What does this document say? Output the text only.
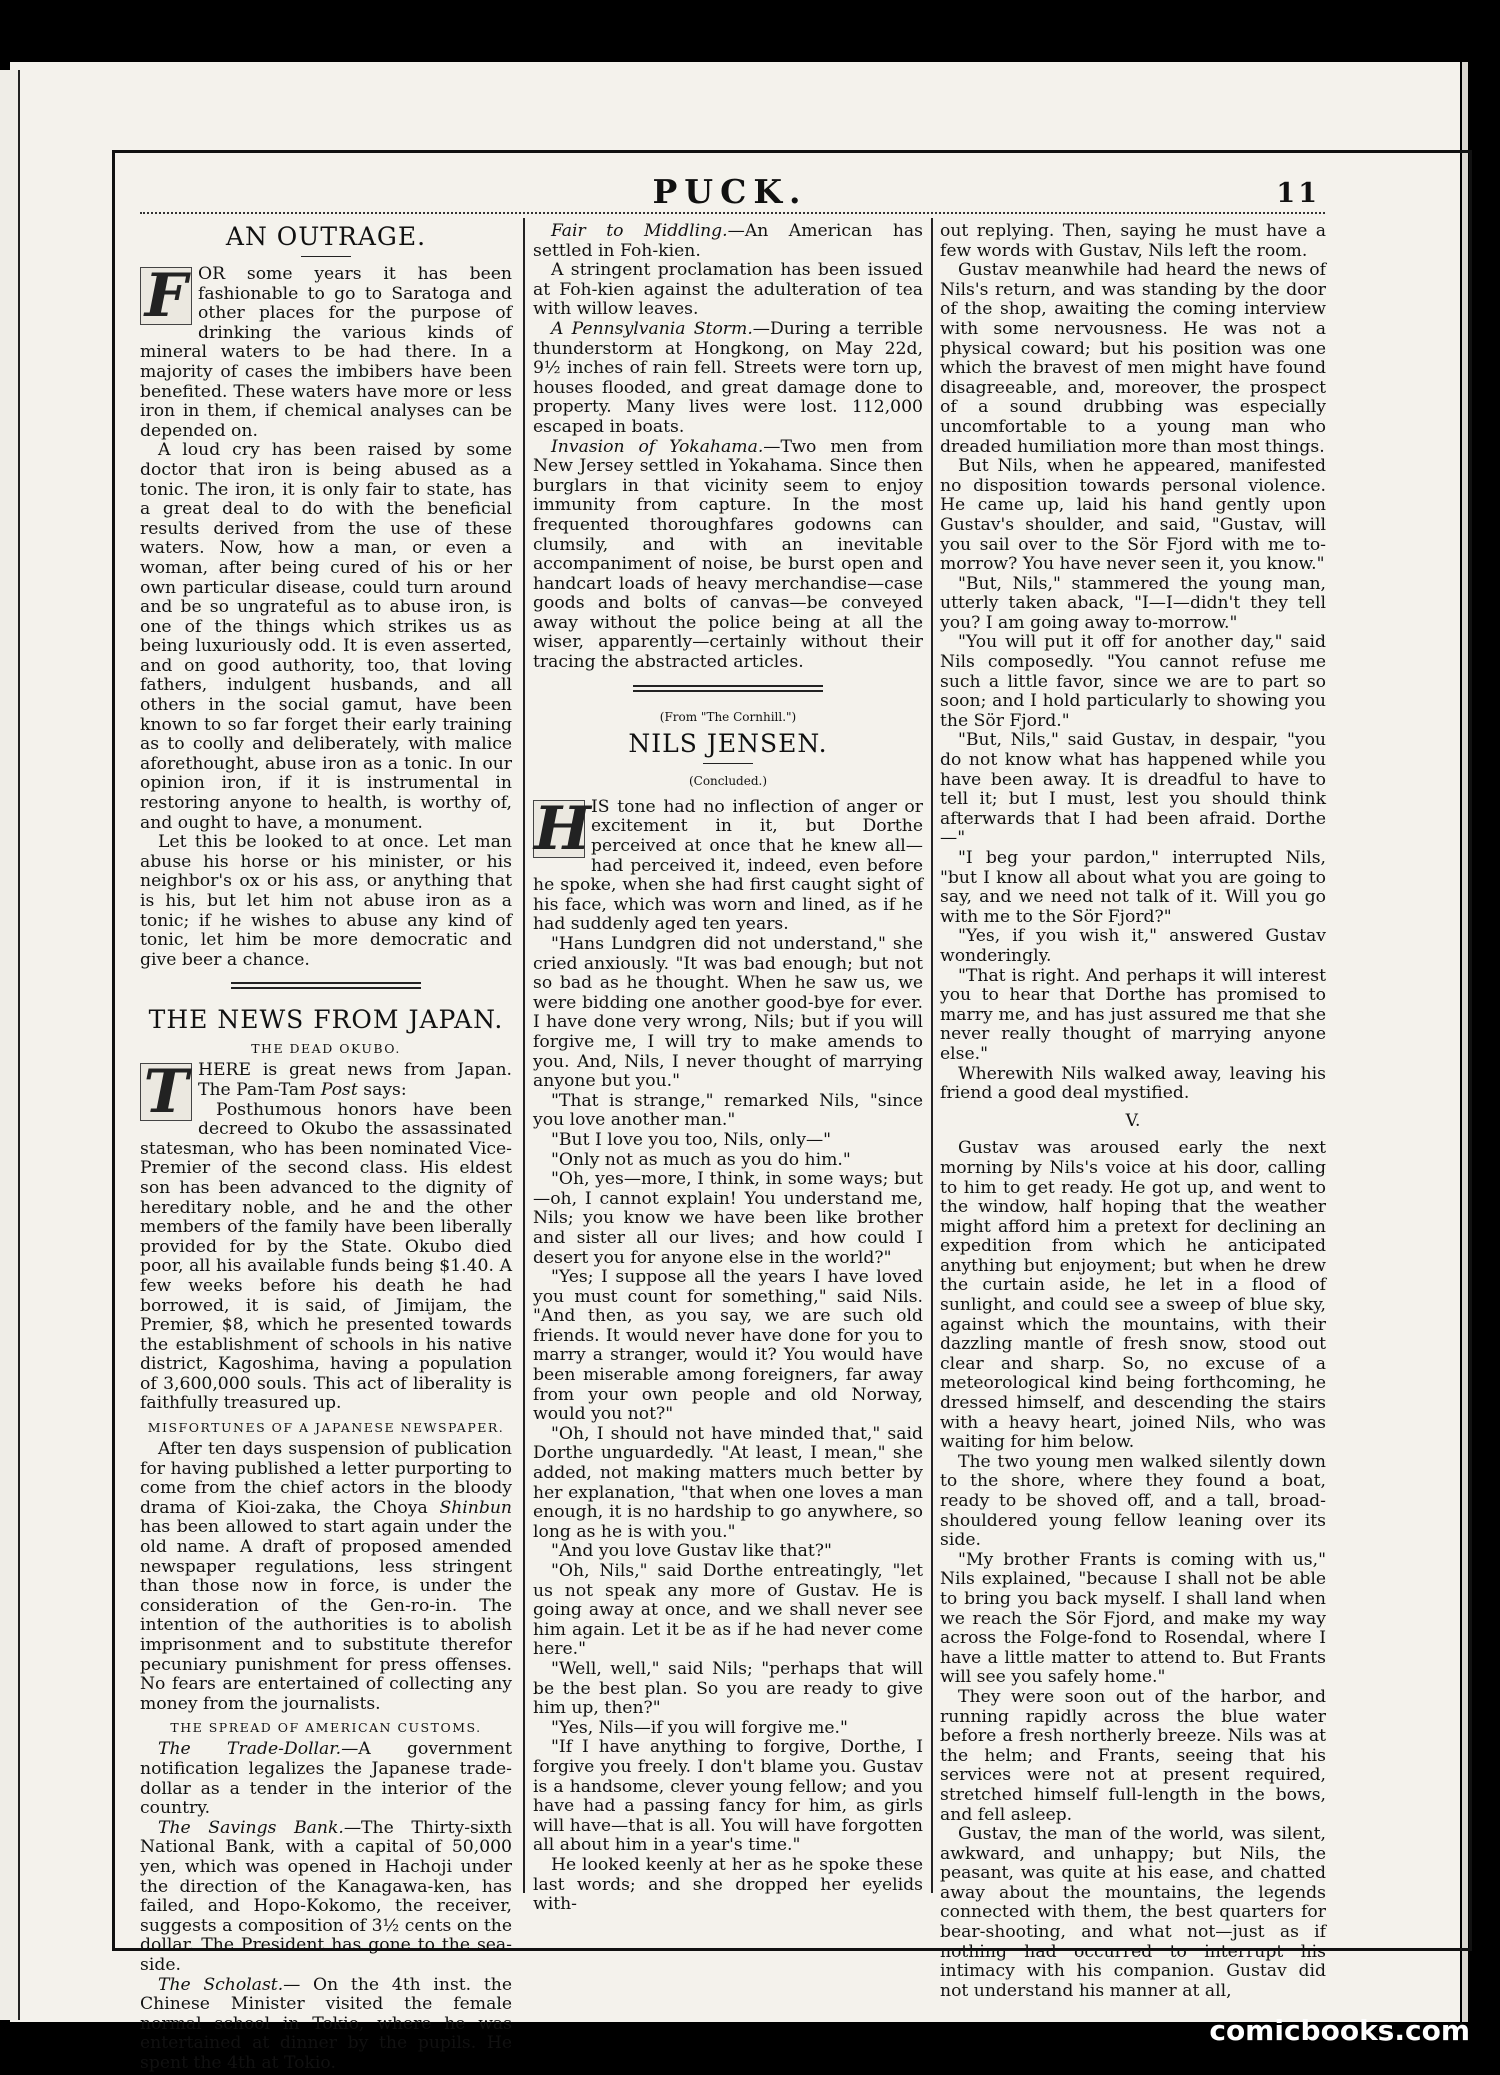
PUCK.	11
AN OUTRAGE.

F OR some years it has been fashionable to go to Saratoga and other places for the purpose of drinking the various kinds of mineral waters to be had there. In a majority of cases the imbibers have been benefited. These waters have more or less iron in them, if chemical analyses can be depended on.

A loud cry has been raised by some doctor that iron is being abused as a tonic. The iron, it is only fair to state, has a great deal to do with the beneficial results derived from the use of these waters. Now, how a man, or even a woman, after being cured of his or her own particular disease, could turn around and be so ungrateful as to abuse iron, is one of the things which strikes us as being luxuriously odd. It is even asserted, and on good authority, too, that loving fathers, indulgent husbands, and all others in the social gamut, have been known to so far forget their early training as to coolly and deliberately, with malice aforethought, abuse iron as a tonic. In our opinion iron, if it is instrumental in restoring anyone to health, is worthy of, and ought to have, a monument.

Let this be looked to at once. Let man abuse his horse or his minister, or his neighbor's ox or his ass, or anything that is his, but let him not abuse iron as a tonic; if he wishes to abuse any kind of tonic, let him be more democratic and give beer a chance.

THE NEWS FROM JAPAN.
THE DEAD OKUBO.

T HERE is great news from Japan. The Pam-Tam Post says:

Posthumous honors have been decreed to Okubo the assassinated statesman, who has been nominated Vice-Premier of the second class. His eldest son has been advanced to the dignity of hereditary noble, and he and the other members of the family have been liberally provided for by the State. Okubo died poor, all his available funds being $1.40. A few weeks before his death he had borrowed, it is said, of Jimijam, the Premier, $8, which he presented towards the establishment of schools in his native district, Kagoshima, having a population of 3,600,000 souls. This act of liberality is faithfully treasured up.

MISFORTUNES OF A JAPANESE NEWSPAPER.

After ten days suspension of publication for having published a letter purporting to come from the chief actors in the bloody drama of Kioi-zaka, the Choya Shinbun has been allowed to start again under the old name. A draft of proposed amended newspaper regulations, less stringent than those now in force, is under the consideration of the Gen-ro-in. The intention of the authorities is to abolish imprisonment and to substitute therefor pecuniary punishment for press offenses. No fears are entertained of collecting any money from the journalists.

THE SPREAD OF AMERICAN CUSTOMS.

The Trade-Dollar.—A government notification legalizes the Japanese trade-dollar as a tender in the interior of the country.

The Savings Bank.—The Thirty-sixth National Bank, with a capital of 50,000 yen, which was opened in Hachoji under the direction of the Kanagawa-ken, has failed, and Hopo-Kokomo, the receiver, suggests a composition of 3½ cents on the dollar. The President has gone to the sea-side.

The Scholast.— On the 4th inst. the Chinese Minister visited the female normal school in Tokio, where he was entertained at dinner by the pupils. He spent the 4th at Tokio.

Fair to Middling.—An American has settled in Foh-kien.

A stringent proclamation has been issued at Foh-kien against the adulteration of tea with willow leaves.

A Pennsylvania Storm.—During a terrible thunderstorm at Hongkong, on May 22d, 9½ inches of rain fell. Streets were torn up, houses flooded, and great damage done to property. Many lives were lost. 112,000 escaped in boats.

Invasion of Yokahama.—Two men from New Jersey settled in Yokahama. Since then burglars in that vicinity seem to enjoy immunity from capture. In the most frequented thoroughfares godowns can clumsily, and with an inevitable accompaniment of noise, be burst open and handcart loads of heavy merchandise—case goods and bolts of canvas—be conveyed away without the police being at all the wiser, apparently—certainly without their tracing the abstracted articles.

(From "The Cornhill.")
NILS JENSEN.
(Concluded.)

H IS tone had no inflection of anger or excitement in it, but Dorthe perceived at once that he knew all—had perceived it, indeed, even before he spoke, when she had first caught sight of his face, which was worn and lined, as if he had suddenly aged ten years.

"Hans Lundgren did not understand," she cried anxiously. "It was bad enough; but not so bad as he thought. When he saw us, we were bidding one another good-bye for ever. I have done very wrong, Nils; but if you will forgive me, I will try to make amends to you. And, Nils, I never thought of marrying anyone but you."

"That is strange," remarked Nils, "since you love another man."

"But I love you too, Nils, only—"

"Only not as much as you do him."

"Oh, yes—more, I think, in some ways; but—oh, I cannot explain! You understand me, Nils; you know we have been like brother and sister all our lives; and how could I desert you for anyone else in the world?"

"Yes; I suppose all the years I have loved you must count for something," said Nils. "And then, as you say, we are such old friends. It would never have done for you to marry a stranger, would it? You would have been miserable among foreigners, far away from your own people and old Norway, would you not?"

"Oh, I should not have minded that," said Dorthe unguardedly. "At least, I mean," she added, not making matters much better by her explanation, "that when one loves a man enough, it is no hardship to go anywhere, so long as he is with you."

"And you love Gustav like that?"

"Oh, Nils," said Dorthe entreatingly, "let us not speak any more of Gustav. He is going away at once, and we shall never see him again. Let it be as if he had never come here."

"Well, well," said Nils; "perhaps that will be the best plan. So you are ready to give him up, then?"

"Yes, Nils—if you will forgive me."

"If I have anything to forgive, Dorthe, I forgive you freely. I don't blame you. Gustav is a handsome, clever young fellow; and you have had a passing fancy for him, as girls will have—that is all. You will have forgotten all about him in a year's time."

He looked keenly at her as he spoke these last words; and she dropped her eyelids with-

out replying. Then, saying he must have a few words with Gustav, Nils left the room.

Gustav meanwhile had heard the news of Nils's return, and was standing by the door of the shop, awaiting the coming interview with some nervousness. He was not a physical coward; but his position was one which the bravest of men might have found disagreeable, and, moreover, the prospect of a sound drubbing was especially uncomfortable to a young man who dreaded humiliation more than most things.

But Nils, when he appeared, manifested no disposition towards personal violence. He came up, laid his hand gently upon Gustav's shoulder, and said, "Gustav, will you sail over to the Sör Fjord with me to-morrow? You have never seen it, you know."

"But, Nils," stammered the young man, utterly taken aback, "I—I—didn't they tell you? I am going away to-morrow."

"You will put it off for another day," said Nils composedly. "You cannot refuse me such a little favor, since we are to part so soon; and I hold particularly to showing you the Sör Fjord."

"But, Nils," said Gustav, in despair, "you do not know what has happened while you have been away. It is dreadful to have to tell it; but I must, lest you should think afterwards that I had been afraid. Dorthe—"

"I beg your pardon," interrupted Nils, "but I know all about what you are going to say, and we need not talk of it. Will you go with me to the Sör Fjord?"

"Yes, if you wish it," answered Gustav wonderingly.

"That is right. And perhaps it will interest you to hear that Dorthe has promised to marry me, and has just assured me that she never really thought of marrying anyone else."

Wherewith Nils walked away, leaving his friend a good deal mystified.

V.

Gustav was aroused early the next morning by Nils's voice at his door, calling to him to get ready. He got up, and went to the window, half hoping that the weather might afford him a pretext for declining an expedition from which he anticipated anything but enjoyment; but when he drew the curtain aside, he let in a flood of sunlight, and could see a sweep of blue sky, against which the mountains, with their dazzling mantle of fresh snow, stood out clear and sharp. So, no excuse of a meteorological kind being forthcoming, he dressed himself, and descending the stairs with a heavy heart, joined Nils, who was waiting for him below.

The two young men walked silently down to the shore, where they found a boat, ready to be shoved off, and a tall, broad-shouldered young fellow leaning over its side.

"My brother Frants is coming with us," Nils explained, "because I shall not be able to bring you back myself. I shall land when we reach the Sör Fjord, and make my way across the Folge-fond to Rosendal, where I have a little matter to attend to. But Frants will see you safely home."

They were soon out of the harbor, and running rapidly across the blue water before a fresh northerly breeze. Nils was at the helm; and Frants, seeing that his services were not at present required, stretched himself full-length in the bows, and fell asleep.

Gustav, the man of the world, was silent, awkward, and unhappy; but Nils, the peasant, was quite at his ease, and chatted away about the mountains, the legends connected with them, the best quarters for bear-shooting, and what not—just as if nothing had occurred to interrupt his intimacy with his companion. Gustav did not understand his manner at all,

comicbooks.com
